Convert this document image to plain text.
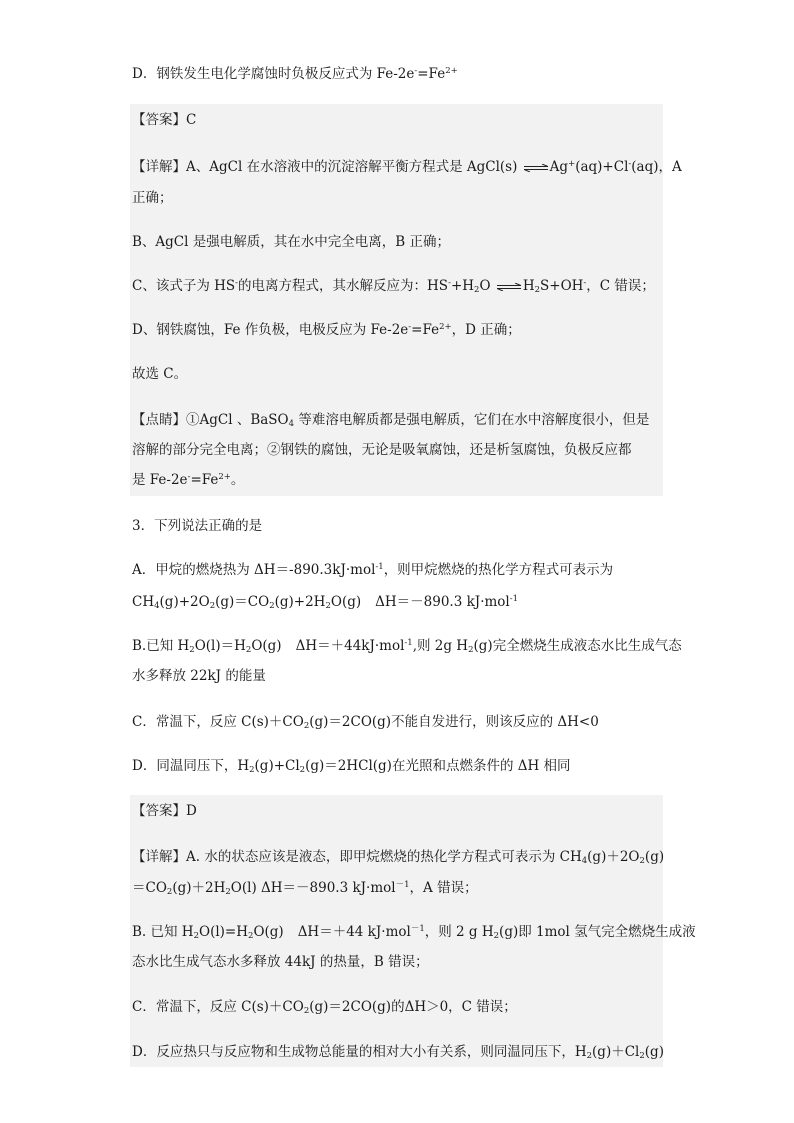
D．钢铁发生电化学腐蚀时负极反应式为 $Fe-2e^-=Fe^{2+}$
【答案】C
【详解】A、AgCl 在水溶液中的沉淀溶解平衡方程式是 AgCl(s) ⇌ Ag+(aq)+Cl-(aq)，A
正确；
B、AgCl 是强电解质，其在水中完全电离，B 正确；
C、该式子为 HS-的电离方程式，其水解反应为：$HS^-+H_2O$ ⇌ $H_2S+OH^-$，C 错误；
D、钢铁腐蚀，Fe 作负极，电极反应为 $Fe-2e^-=Fe^{2+}$，D 正确；
故选 C。
【点睛】①AgCl 、BaSO$_4$ 等难溶电解质都是强电解质，它们在水中溶解度很小，但是
溶解的部分完全电离；②钢铁的腐蚀，无论是吸氧腐蚀，还是析氢腐蚀，负极反应都
是 $Fe-2e^-=Fe^{2+}$。
3．下列说法正确的是
A．甲烷的燃烧热为 ΔH＝-890.3kJ·mol$^{-1}$，则甲烷燃烧的热化学方程式可表示为
$CH_4(g)+2O_2(g)=CO_2(g)+2H_2O(g)$ ΔH＝－890.3 kJ·mol$^{-1}$
B.已知 $H_2O(l)=H_2O(g)$ ΔH＝＋44kJ·mol$^{-1}$,则 2g $H_2(g)$完全燃烧生成液态水比生成气态
水多释放 22kJ 的能量
C．常温下，反应 $C(s)+CO_2(g)=2CO(g)$不能自发进行，则该反应的 ΔH<0
D．同温同压下，$H_2(g)+Cl_2(g)=2HCl(g)$在光照和点燃条件的 ΔH 相同
【答案】D
【详解】A. 水的状态应该是液态，即甲烷燃烧的热化学方程式可表示为 $CH_4(g)+2O_2(g)$
$=CO_2(g)+2H_2O(l)$ ΔH＝－890.3 kJ·mol$^{-1}$，A 错误；
B. 已知 $H_2O(l)=H_2O(g)$ ΔH＝＋44 kJ·mol$^{-1}$，则 2 g $H_2(g)$即 1mol 氢气完全燃烧生成液
态水比生成气态水多释放 44kJ 的热量，B 错误；
C．常温下，反应 $C(s)+CO_2(g)=2CO(g)$的ΔH＞0，C 错误；
D．反应热只与反应物和生成物总能量的相对大小有关系，则同温同压下，$H_2(g)+Cl_2(g)$
